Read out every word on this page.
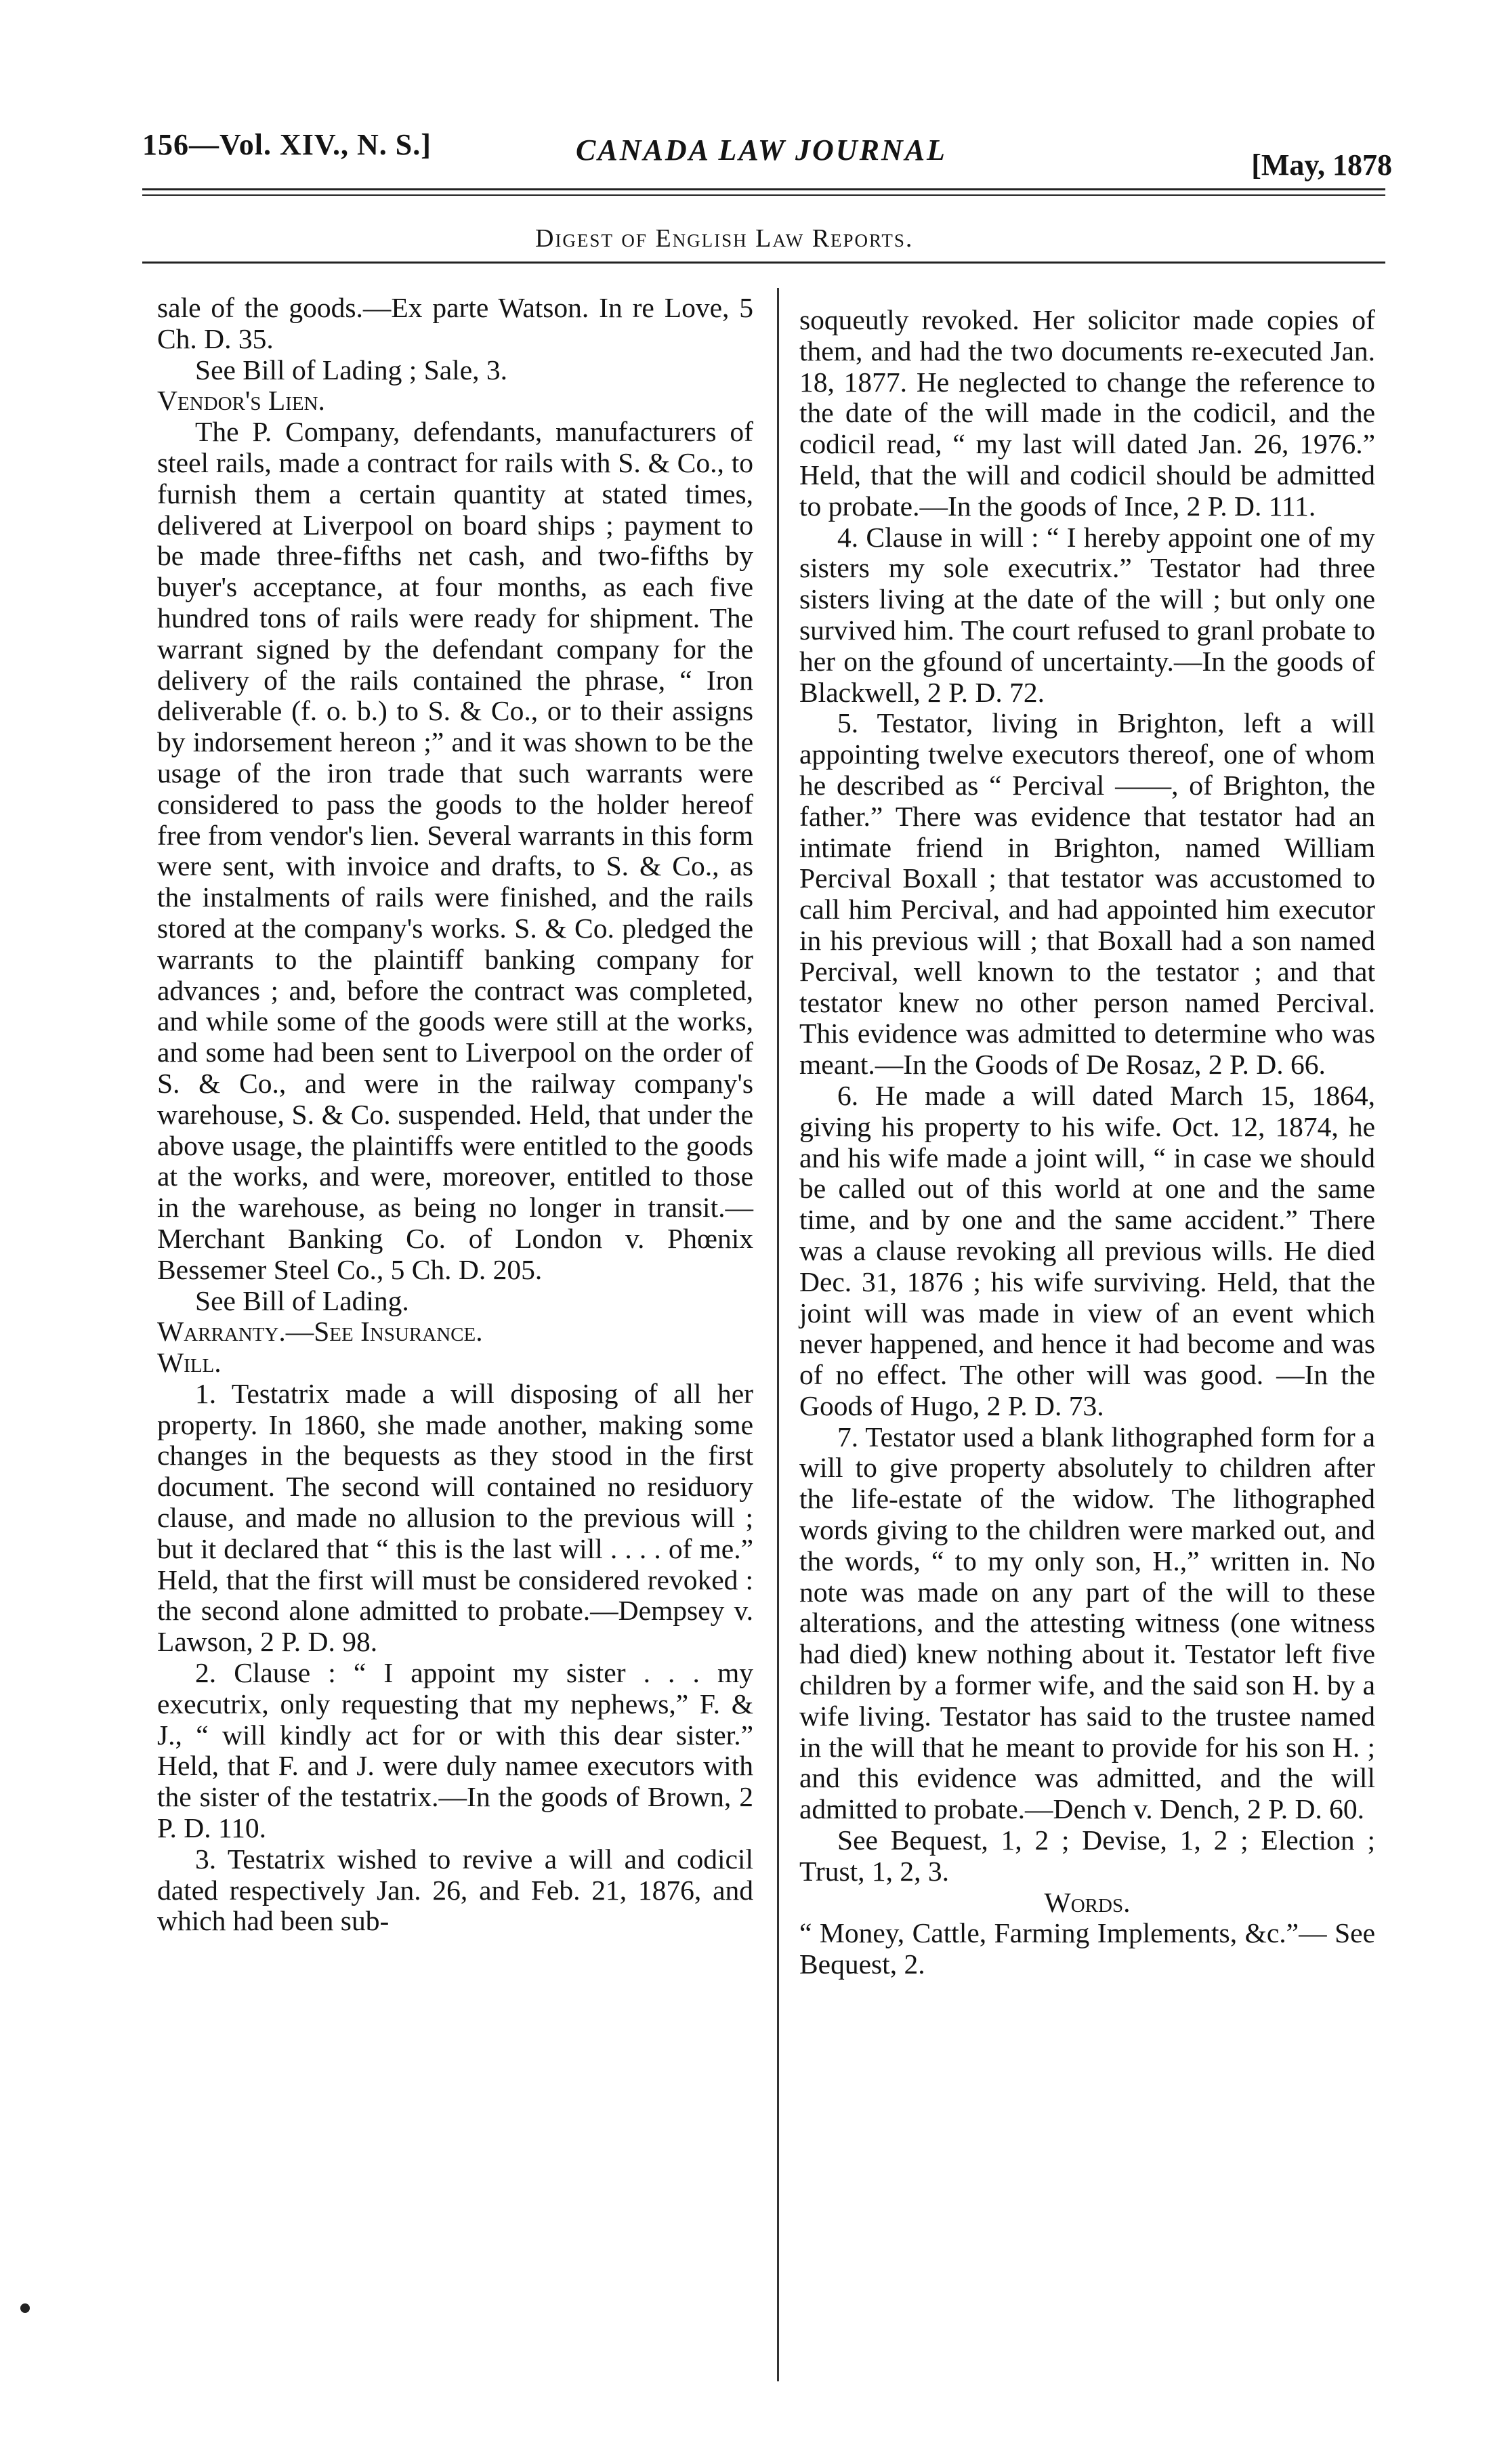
156—Vol. XIV., N. S.]	CANADA LAW JOURNAL	[May, 1878
Digest of English Law Reports.

sale of the goods.—Ex parte Watson. In re Love, 5 Ch. D. 35.

See Bill of Lading ; Sale, 3.

Vendor's Lien.

The P. Company, defendants, manufacturers of steel rails, made a contract for rails with S. & Co., to furnish them a certain quantity at stated times, delivered at Liverpool on board ships ; payment to be made three-fifths net cash, and two-fifths by buyer's acceptance, at four months, as each five hundred tons of rails were ready for shipment. The warrant signed by the defendant company for the delivery of the rails contained the phrase, “ Iron deliverable (f. o. b.) to S. & Co., or to their assigns by indorsement hereon ;” and it was shown to be the usage of the iron trade that such warrants were considered to pass the goods to the holder hereof free from vendor's lien. Several warrants in this form were sent, with invoice and drafts, to S. & Co., as the instalments of rails were finished, and the rails stored at the company's works. S. & Co. pledged the warrants to the plaintiff banking company for advances ; and, before the contract was completed, and while some of the goods were still at the works, and some had been sent to Liverpool on the order of S. & Co., and were in the railway company's warehouse, S. & Co. suspended. Held, that under the above usage, the plaintiffs were entitled to the goods at the works, and were, moreover, entitled to those in the warehouse, as being no longer in transit.—Merchant Banking Co. of London v. Phœnix Bessemer Steel Co., 5 Ch. D. 205.

See Bill of Lading.

Warranty.—See Insurance.

Will.

1. Testatrix made a will disposing of all her property. In 1860, she made another, making some changes in the bequests as they stood in the first document. The second will contained no residuory clause, and made no allusion to the previous will ; but it declared that “ this is the last will . . . . of me.” Held, that the first will must be considered revoked : the second alone admitted to probate.—Dempsey v. Lawson, 2 P. D. 98.

2. Clause : “ I appoint my sister . . . my executrix, only requesting that my nephews,” F. & J., “ will kindly act for or with this dear sister.” Held, that F. and J. were duly namee executors with the sister of the testatrix.—In the goods of Brown, 2 P. D. 110.

3. Testatrix wished to revive a will and codicil dated respectively Jan. 26, and Feb. 21, 1876, and which had been sub-

soqueutly revoked. Her solicitor made copies of them, and had the two documents re-executed Jan. 18, 1877. He neglected to change the reference to the date of the will made in the codicil, and the codicil read, “ my last will dated Jan. 26, 1976.” Held, that the will and codicil should be admitted to probate.—In the goods of Ince, 2 P. D. 111.

4. Clause in will : “ I hereby appoint one of my sisters my sole executrix.” Testator had three sisters living at the date of the will ; but only one survived him. The court refused to granl probate to her on the gfound of uncertainty.—In the goods of Blackwell, 2 P. D. 72.

5. Testator, living in Brighton, left a will appointing twelve executors thereof, one of whom he described as “ Percival ——, of Brighton, the father.” There was evidence that testator had an intimate friend in Brighton, named William Percival Boxall ; that testator was accustomed to call him Percival, and had appointed him executor in his previous will ; that Boxall had a son named Percival, well known to the testator ; and that testator knew no other person named Percival. This evidence was admitted to determine who was meant.—In the Goods of De Rosaz, 2 P. D. 66.

6. He made a will dated March 15, 1864, giving his property to his wife. Oct. 12, 1874, he and his wife made a joint will, “ in case we should be called out of this world at one and the same time, and by one and the same accident.” There was a clause revoking all previous wills. He died Dec. 31, 1876 ; his wife surviving. Held, that the joint will was made in view of an event which never happened, and hence it had become and was of no effect. The other will was good. —In the Goods of Hugo, 2 P. D. 73.

7. Testator used a blank lithographed form for a will to give property absolutely to children after the life-estate of the widow. The lithographed words giving to the children were marked out, and the words, “ to my only son, H.,” written in. No note was made on any part of the will to these alterations, and the attesting witness (one witness had died) knew nothing about it. Testator left five children by a former wife, and the said son H. by a wife living. Testator has said to the trustee named in the will that he meant to provide for his son H. ; and this evidence was admitted, and the will admitted to probate.—Dench v. Dench, 2 P. D. 60.

See Bequest, 1, 2 ; Devise, 1, 2 ; Election ; Trust, 1, 2, 3.

Words.

“ Money, Cattle, Farming Implements, &c.”— See Bequest, 2.
